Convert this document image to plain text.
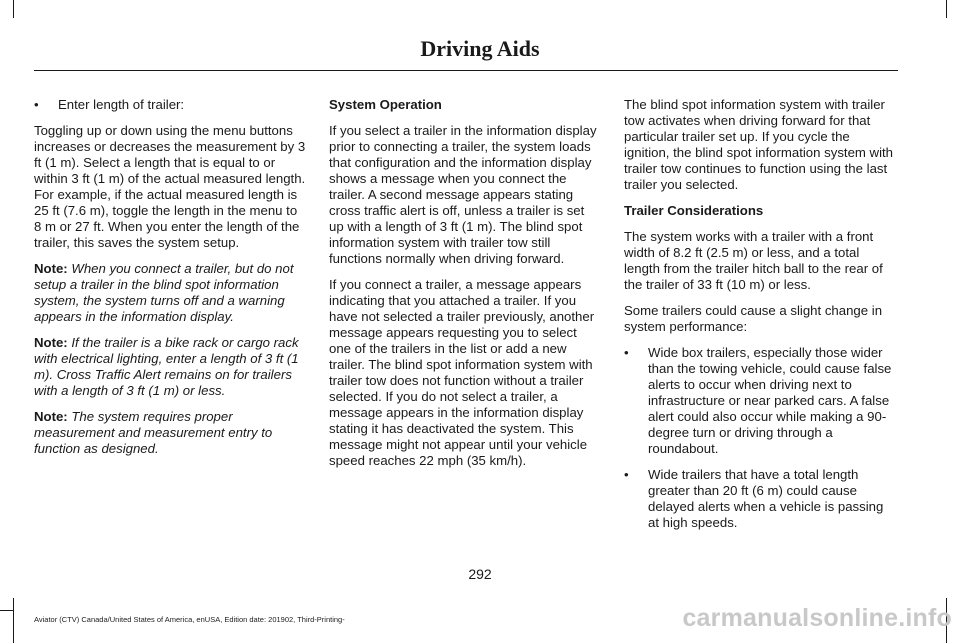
Driving Aids
• Enter length of trailer:

Toggling up or down using the menu buttons increases or decreases the measurement by 3 ft (1 m). Select a length that is equal to or within 3 ft (1 m) of the actual measured length. For example, if the actual measured length is 25 ft (7.6 m), toggle the length in the menu to 8 m or 27 ft. When you enter the length of the trailer, this saves the system setup.

Note: When you connect a trailer, but do not setup a trailer in the blind spot information system, the system turns off and a warning appears in the information display.

Note: If the trailer is a bike rack or cargo rack with electrical lighting, enter a length of 3 ft (1 m). Cross Traffic Alert remains on for trailers with a length of 3 ft (1 m) or less.

Note: The system requires proper measurement and measurement entry to function as designed.

System Operation

If you select a trailer in the information display prior to connecting a trailer, the system loads that configuration and the information display shows a message when you connect the trailer. A second message appears stating cross traffic alert is off, unless a trailer is set up with a length of 3 ft (1 m). The blind spot information system with trailer tow still functions normally when driving forward.

If you connect a trailer, a message appears indicating that you attached a trailer. If you have not selected a trailer previously, another message appears requesting you to select one of the trailers in the list or add a new trailer. The blind spot information system with trailer tow does not function without a trailer selected. If you do not select a trailer, a message appears in the information display stating it has deactivated the system. This message might not appear until your vehicle speed reaches 22 mph (35 km/h).

The blind spot information system with trailer tow activates when driving forward for that particular trailer set up. If you cycle the ignition, the blind spot information system with trailer tow continues to function using the last trailer you selected.

Trailer Considerations

The system works with a trailer with a front width of 8.2 ft (2.5 m) or less, and a total length from the trailer hitch ball to the rear of the trailer of 33 ft (10 m) or less.

Some trailers could cause a slight change in system performance:

• Wide box trailers, especially those wider than the towing vehicle, could cause false alerts to occur when driving next to infrastructure or near parked cars. A false alert could also occur while making a 90-degree turn or driving through a roundabout.
• Wide trailers that have a total length greater than 20 ft (6 m) could cause delayed alerts when a vehicle is passing at high speeds.
292
Aviator (CTV) Canada/United States of America, enUSA, Edition date: 201902, Third-Printing-	carmanualsonline.info
